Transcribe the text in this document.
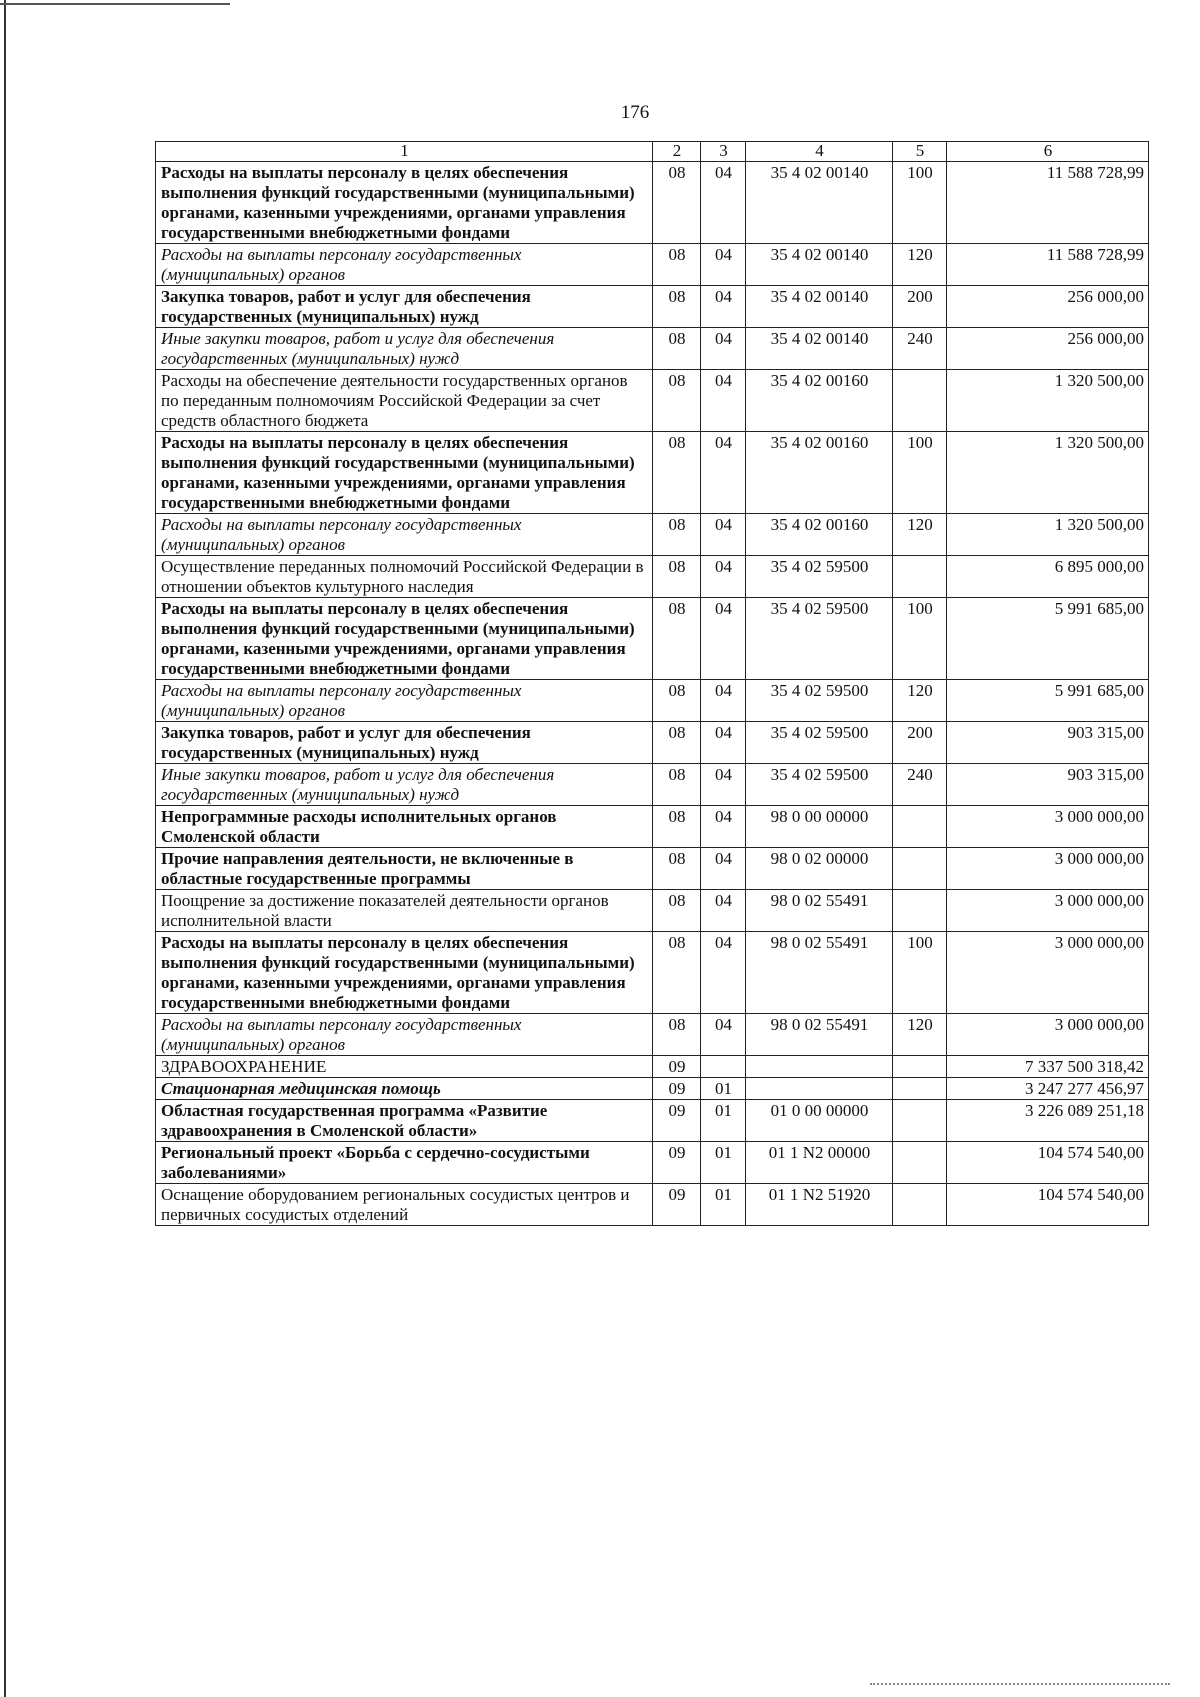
176
1	2	3	4	5	6
Расходы на выплаты персоналу в целях обеспечения выполнения функций государственными (муниципальными) органами, казенными учреждениями, органами управления государственными внебюджетными фондами	08	04	35 4 02 00140	100	11 588 728,99
Расходы на выплаты персоналу государственных (муниципальных) органов	08	04	35 4 02 00140	120	11 588 728,99
Закупка товаров, работ и услуг для обеспечения государственных (муниципальных) нужд	08	04	35 4 02 00140	200	256 000,00
Иные закупки товаров, работ и услуг для обеспечения государственных (муниципальных) нужд	08	04	35 4 02 00140	240	256 000,00
Расходы на обеспечение деятельности государственных органов по переданным полномочиям Российской Федерации за счет средств областного бюджета	08	04	35 4 02 00160		1 320 500,00
Расходы на выплаты персоналу в целях обеспечения выполнения функций государственными (муниципальными) органами, казенными учреждениями, органами управления государственными внебюджетными фондами	08	04	35 4 02 00160	100	1 320 500,00
Расходы на выплаты персоналу государственных (муниципальных) органов	08	04	35 4 02 00160	120	1 320 500,00
Осуществление переданных полномочий Российской Федерации в отношении объектов культурного наследия	08	04	35 4 02 59500		6 895 000,00
Расходы на выплаты персоналу в целях обеспечения выполнения функций государственными (муниципальными) органами, казенными учреждениями, органами управления государственными внебюджетными фондами	08	04	35 4 02 59500	100	5 991 685,00
Расходы на выплаты персоналу государственных (муниципальных) органов	08	04	35 4 02 59500	120	5 991 685,00
Закупка товаров, работ и услуг для обеспечения государственных (муниципальных) нужд	08	04	35 4 02 59500	200	903 315,00
Иные закупки товаров, работ и услуг для обеспечения государственных (муниципальных) нужд	08	04	35 4 02 59500	240	903 315,00
Непрограммные расходы исполнительных органов Смоленской области	08	04	98 0 00 00000		3 000 000,00
Прочие направления деятельности, не включенные в областные государственные программы	08	04	98 0 02 00000		3 000 000,00
Поощрение за достижение показателей деятельности органов исполнительной власти	08	04	98 0 02 55491		3 000 000,00
Расходы на выплаты персоналу в целях обеспечения выполнения функций государственными (муниципальными) органами, казенными учреждениями, органами управления государственными внебюджетными фондами	08	04	98 0 02 55491	100	3 000 000,00
Расходы на выплаты персоналу государственных (муниципальных) органов	08	04	98 0 02 55491	120	3 000 000,00
ЗДРАВООХРАНЕНИЕ	09				7 337 500 318,42
Стационарная медицинская помощь	09	01			3 247 277 456,97
Областная государственная программа «Развитие здравоохранения в Смоленской области»	09	01	01 0 00 00000		3 226 089 251,18
Региональный проект «Борьба с сердечно-сосудистыми заболеваниями»	09	01	01 1 N2 00000		104 574 540,00
Оснащение оборудованием региональных сосудистых центров и первичных сосудистых отделений	09	01	01 1 N2 51920		104 574 540,00
